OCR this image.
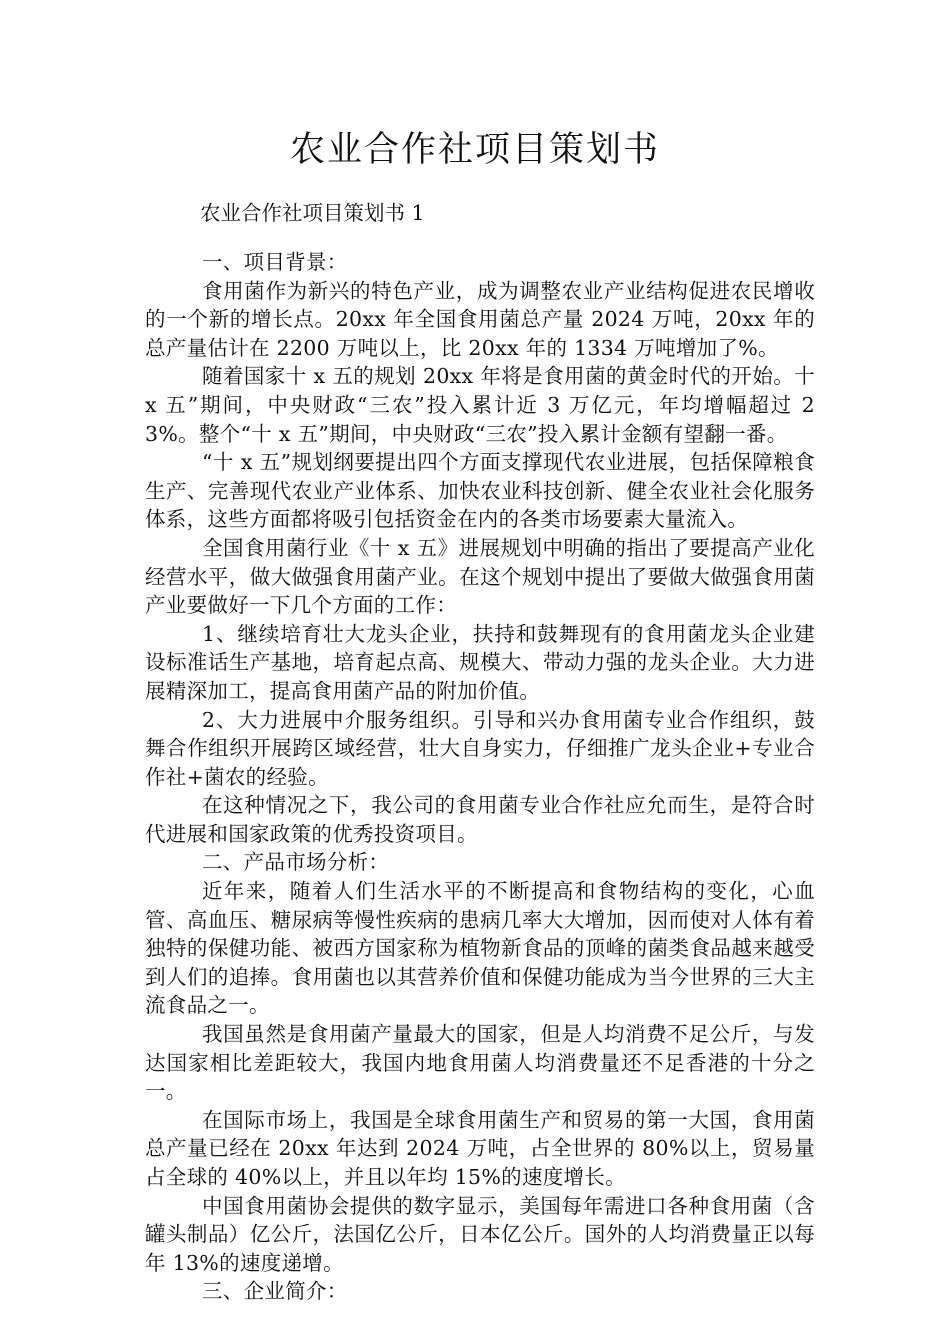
农业合作社项目策划书

农业合作社项目策划书 1

一、项目背景：

食用菌作为新兴的特色产业，成为调整农业产业结构促进农民增收的一个新的增长点。20xx 年全国食用菌总产量 2024 万吨，20xx 年的总产量估计在 2200 万吨以上，比 20xx 年的 1334 万吨增加了%。

随着国家十 x 五的规划 20xx 年将是食用菌的黄金时代的开始。十 x 五”期间，中央财政“三农”投入累计近 3 万亿元，年均增幅超过 23%。整个“十 x 五”期间，中央财政“三农”投入累计金额有望翻一番。

“十 x 五”规划纲要提出四个方面支撑现代农业进展，包括保障粮食生产、完善现代农业产业体系、加快农业科技创新、健全农业社会化服务体系，这些方面都将吸引包括资金在内的各类市场要素大量流入。

全国食用菌行业《十 x 五》进展规划中明确的指出了要提高产业化经营水平，做大做强食用菌产业。在这个规划中提出了要做大做强食用菌产业要做好一下几个方面的工作：

1、继续培育壮大龙头企业，扶持和鼓舞现有的食用菌龙头企业建设标准话生产基地，培育起点高、规模大、带动力强的龙头企业。大力进展精深加工，提高食用菌产品的附加价值。

2、大力进展中介服务组织。引导和兴办食用菌专业合作组织，鼓舞合作组织开展跨区域经营，壮大自身实力，仔细推广龙头企业+专业合作社+菌农的经验。

在这种情况之下，我公司的食用菌专业合作社应允而生，是符合时代进展和国家政策的优秀投资项目。

二、产品市场分析：

近年来，随着人们生活水平的不断提高和食物结构的变化，心血管、高血压、糖尿病等慢性疾病的患病几率大大增加，因而使对人体有着独特的保健功能、被西方国家称为植物新食品的顶峰的菌类食品越来越受到人们的追捧。食用菌也以其营养价值和保健功能成为当今世界的三大主流食品之一。

我国虽然是食用菌产量最大的国家，但是人均消费不足公斤，与发达国家相比差距较大，我国内地食用菌人均消费量还不足香港的十分之一。

在国际市场上，我国是全球食用菌生产和贸易的第一大国，食用菌总产量已经在 20xx 年达到 2024 万吨，占全世界的 80%以上，贸易量占全球的 40%以上，并且以年均 15%的速度增长。

中国食用菌协会提供的数字显示，美国每年需进口各种食用菌（含罐头制品）亿公斤，法国亿公斤，日本亿公斤。国外的人均消费量正以每年 13%的速度递增。

三、企业简介：
